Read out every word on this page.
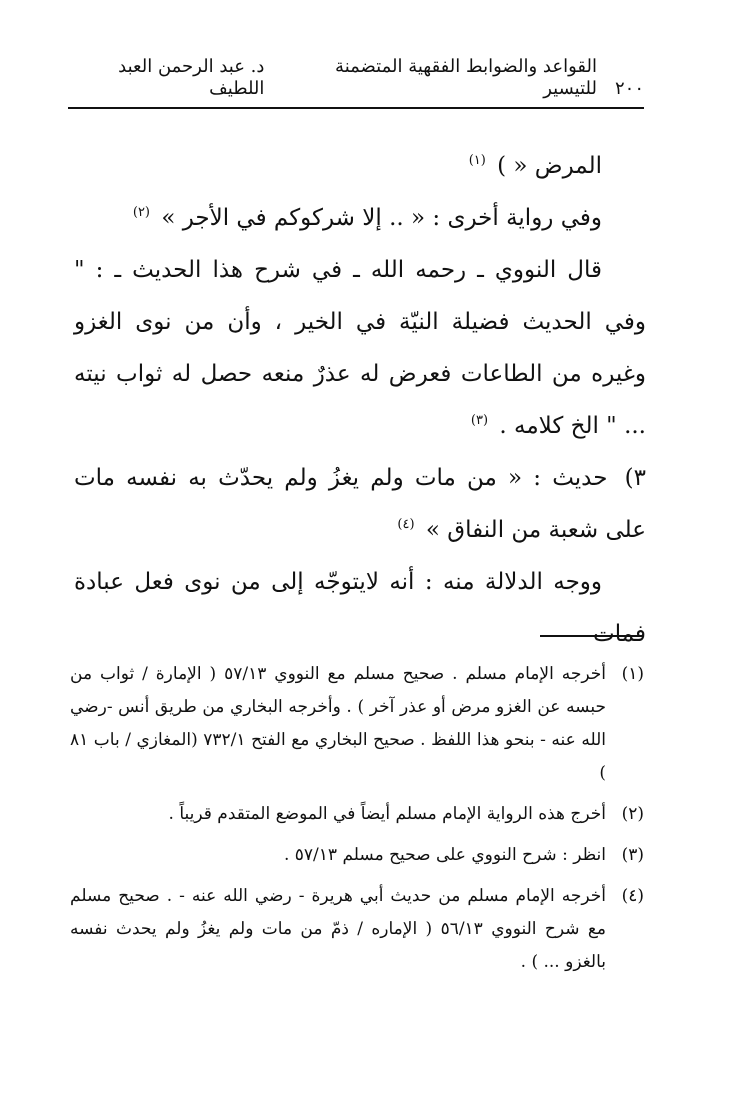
٢٠٠
القواعد والضوابط الفقهية المتضمنة للتيسير
د. عبد الرحمن العبد اللطيف

المرض « ) $^{(١)}$

وفي رواية أخرى : « .. إلا شركوكم في الأجر » $^{(٢)}$

قال النووي ـ رحمه الله ـ في شرح هذا الحديث ـ : " وفي الحديث فضيلة النيّة في الخير ، وأن من نوى الغزو وغيره من الطاعات فعرض له عذرٌ منعه حصل له ثواب نيته ... " الخ كلامه . $^{(٣)}$

٣) حديث : « من مات ولم يغزُ ولم يحدّث به نفسه مات على شعبة من النفاق » $^{(٤)}$

ووجه الدلالة منه : أنه لايتوجّه إلى من نوى فعل عبادة فمات

(١)
أخرجه الإمام مسلم . صحيح مسلم مع النووي ٥٧/١٣ ( الإمارة / ثواب من حبسه عن الغزو مرض أو عذر آخر ) . وأخرجه البخاري من طريق أنس -رضي الله عنه - بنحو هذا اللفظ . صحيح البخاري مع الفتح ٧٣٢/١ (المغازي / باب ٨١ )

(٢)
أخرج هذه الرواية الإمام مسلم أيضاً في الموضع المتقدم قريباً .

(٣)
انظر : شرح النووي على صحيح مسلم ٥٧/١٣ .

(٤)
أخرجه الإمام مسلم من حديث أبي هريرة - رضي الله عنه - . صحيح مسلم مع شرح النووي ٥٦/١٣ ( الإماره / ذمّ من مات ولم يغزُ ولم يحدث نفسه بالغزو ... ) .
